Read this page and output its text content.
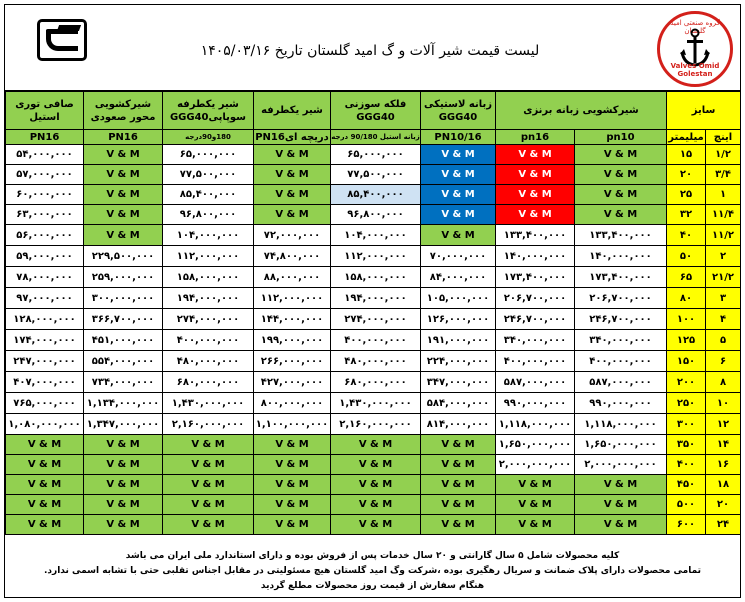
لیست قیمت شیر آلات و گ امید گلستان تاریخ ۱۴۰۵/۰۳/۱۶
گروه صنعتی امید گلستان
Valves Omid Golestan
سایز		شیرکشویی زبانه برنزی		زبانه لاستیکی GGG40	فلکه سوزنی GGG40	شیر یکطرفه	شیر یکطرفه سوپاپیGGG40	شیرکشویی محور صعودی	صافی توری استیل
اینچ	میلیمتر	pn10	pn16	PN10/16	زبانه استیل 90/180 درجه	دریچه ایPN16	180و90درجه	PN16	PN16
۱/۲	۱۵	V & M	V & M	V & M	۶۵,۰۰۰,۰۰۰	V & M	۶۵,۰۰۰,۰۰۰	V & M	۵۴,۰۰۰,۰۰۰
۳/۴	۲۰	V & M	V & M	V & M	۷۷,۵۰۰,۰۰۰	V & M	۷۷,۵۰۰,۰۰۰	V & M	۵۷,۰۰۰,۰۰۰
۱	۲۵	V & M	V & M	V & M	۸۵,۴۰۰,۰۰۰	V & M	۸۵,۴۰۰,۰۰۰	V & M	۶۰,۰۰۰,۰۰۰
۱۱/۴	۳۲	V & M	V & M	V & M	۹۶,۸۰۰,۰۰۰	V & M	۹۶,۸۰۰,۰۰۰	V & M	۶۳,۰۰۰,۰۰۰
۱۱/۲	۴۰	۱۳۳,۴۰۰,۰۰۰	۱۳۳,۴۰۰,۰۰۰	V & M	۱۰۴,۰۰۰,۰۰۰	۷۲,۰۰۰,۰۰۰	۱۰۴,۰۰۰,۰۰۰	V & M	۵۶,۰۰۰,۰۰۰
۲	۵۰	۱۴۰,۰۰۰,۰۰۰	۱۴۰,۰۰۰,۰۰۰	۷۰,۰۰۰,۰۰۰	۱۱۲,۰۰۰,۰۰۰	۷۴,۸۰۰,۰۰۰	۱۱۲,۰۰۰,۰۰۰	۲۲۹,۵۰۰,۰۰۰	۵۹,۰۰۰,۰۰۰
۲۱/۲	۶۵	۱۷۳,۴۰۰,۰۰۰	۱۷۳,۴۰۰,۰۰۰	۸۴,۰۰۰,۰۰۰	۱۵۸,۰۰۰,۰۰۰	۸۸,۰۰۰,۰۰۰	۱۵۸,۰۰۰,۰۰۰	۲۵۹,۰۰۰,۰۰۰	۷۸,۰۰۰,۰۰۰
۳	۸۰	۲۰۶,۷۰۰,۰۰۰	۲۰۶,۷۰۰,۰۰۰	۱۰۵,۰۰۰,۰۰۰	۱۹۴,۰۰۰,۰۰۰	۱۱۲,۰۰۰,۰۰۰	۱۹۴,۰۰۰,۰۰۰	۳۰۰,۰۰۰,۰۰۰	۹۷,۰۰۰,۰۰۰
۴	۱۰۰	۲۴۶,۷۰۰,۰۰۰	۲۴۶,۷۰۰,۰۰۰	۱۲۶,۰۰۰,۰۰۰	۲۷۴,۰۰۰,۰۰۰	۱۴۴,۰۰۰,۰۰۰	۲۷۴,۰۰۰,۰۰۰	۳۶۶,۷۰۰,۰۰۰	۱۲۸,۰۰۰,۰۰۰
۵	۱۲۵	۳۴۰,۰۰۰,۰۰۰	۳۴۰,۰۰۰,۰۰۰	۱۹۱,۰۰۰,۰۰۰	۴۰۰,۰۰۰,۰۰۰	۱۹۹,۰۰۰,۰۰۰	۴۰۰,۰۰۰,۰۰۰	۴۵۱,۰۰۰,۰۰۰	۱۷۴,۰۰۰,۰۰۰
۶	۱۵۰	۴۰۰,۰۰۰,۰۰۰	۴۰۰,۰۰۰,۰۰۰	۲۲۴,۰۰۰,۰۰۰	۴۸۰,۰۰۰,۰۰۰	۲۶۶,۰۰۰,۰۰۰	۴۸۰,۰۰۰,۰۰۰	۵۵۴,۰۰۰,۰۰۰	۲۴۷,۰۰۰,۰۰۰
۸	۲۰۰	۵۸۷,۰۰۰,۰۰۰	۵۸۷,۰۰۰,۰۰۰	۳۴۷,۰۰۰,۰۰۰	۶۸۰,۰۰۰,۰۰۰	۴۲۷,۰۰۰,۰۰۰	۶۸۰,۰۰۰,۰۰۰	۷۳۴,۰۰۰,۰۰۰	۴۰۷,۰۰۰,۰۰۰
۱۰	۲۵۰	۹۹۰,۰۰۰,۰۰۰	۹۹۰,۰۰۰,۰۰۰	۵۸۴,۰۰۰,۰۰۰	۱,۴۳۰,۰۰۰,۰۰۰	۸۰۰,۰۰۰,۰۰۰	۱,۴۳۰,۰۰۰,۰۰۰	۱,۱۳۴,۰۰۰,۰۰۰	۷۶۵,۰۰۰,۰۰۰
۱۲	۳۰۰	۱,۱۱۸,۰۰۰,۰۰۰	۱,۱۱۸,۰۰۰,۰۰۰	۸۱۴,۰۰۰,۰۰۰	۲,۱۶۰,۰۰۰,۰۰۰	۱,۱۰۰,۰۰۰,۰۰۰	۲,۱۶۰,۰۰۰,۰۰۰	۱,۳۴۷,۰۰۰,۰۰۰	۱,۰۸۰,۰۰۰,۰۰۰
۱۴	۳۵۰	۱,۶۵۰,۰۰۰,۰۰۰	۱,۶۵۰,۰۰۰,۰۰۰	V & M	V & M	V & M	V & M	V & M	V & M
۱۶	۴۰۰	۲,۰۰۰,۰۰۰,۰۰۰	۲,۰۰۰,۰۰۰,۰۰۰	V & M	V & M	V & M	V & M	V & M	V & M
۱۸	۴۵۰	V & M	V & M	V & M	V & M	V & M	V & M	V & M	V & M
۲۰	۵۰۰	V & M	V & M	V & M	V & M	V & M	V & M	V & M	V & M
۲۴	۶۰۰	V & M	V & M	V & M	V & M	V & M	V & M	V & M	V & M
کلیه محصولات شامل ۵ سال گارانتی و ۲۰ سال خدمات پس از فروش بوده و دارای استاندارد ملی ایران می باشد
تمامی محصولات دارای پلاک ضمانت و سریال رهگیری بوده ،شرکت وگ امید گلستان هیچ مسئولیتی در مقابل اجناس تقلبی حتی با تشابه اسمی ندارد.
هنگام سفارش از قیمت روز محصولات مطلع گردید
